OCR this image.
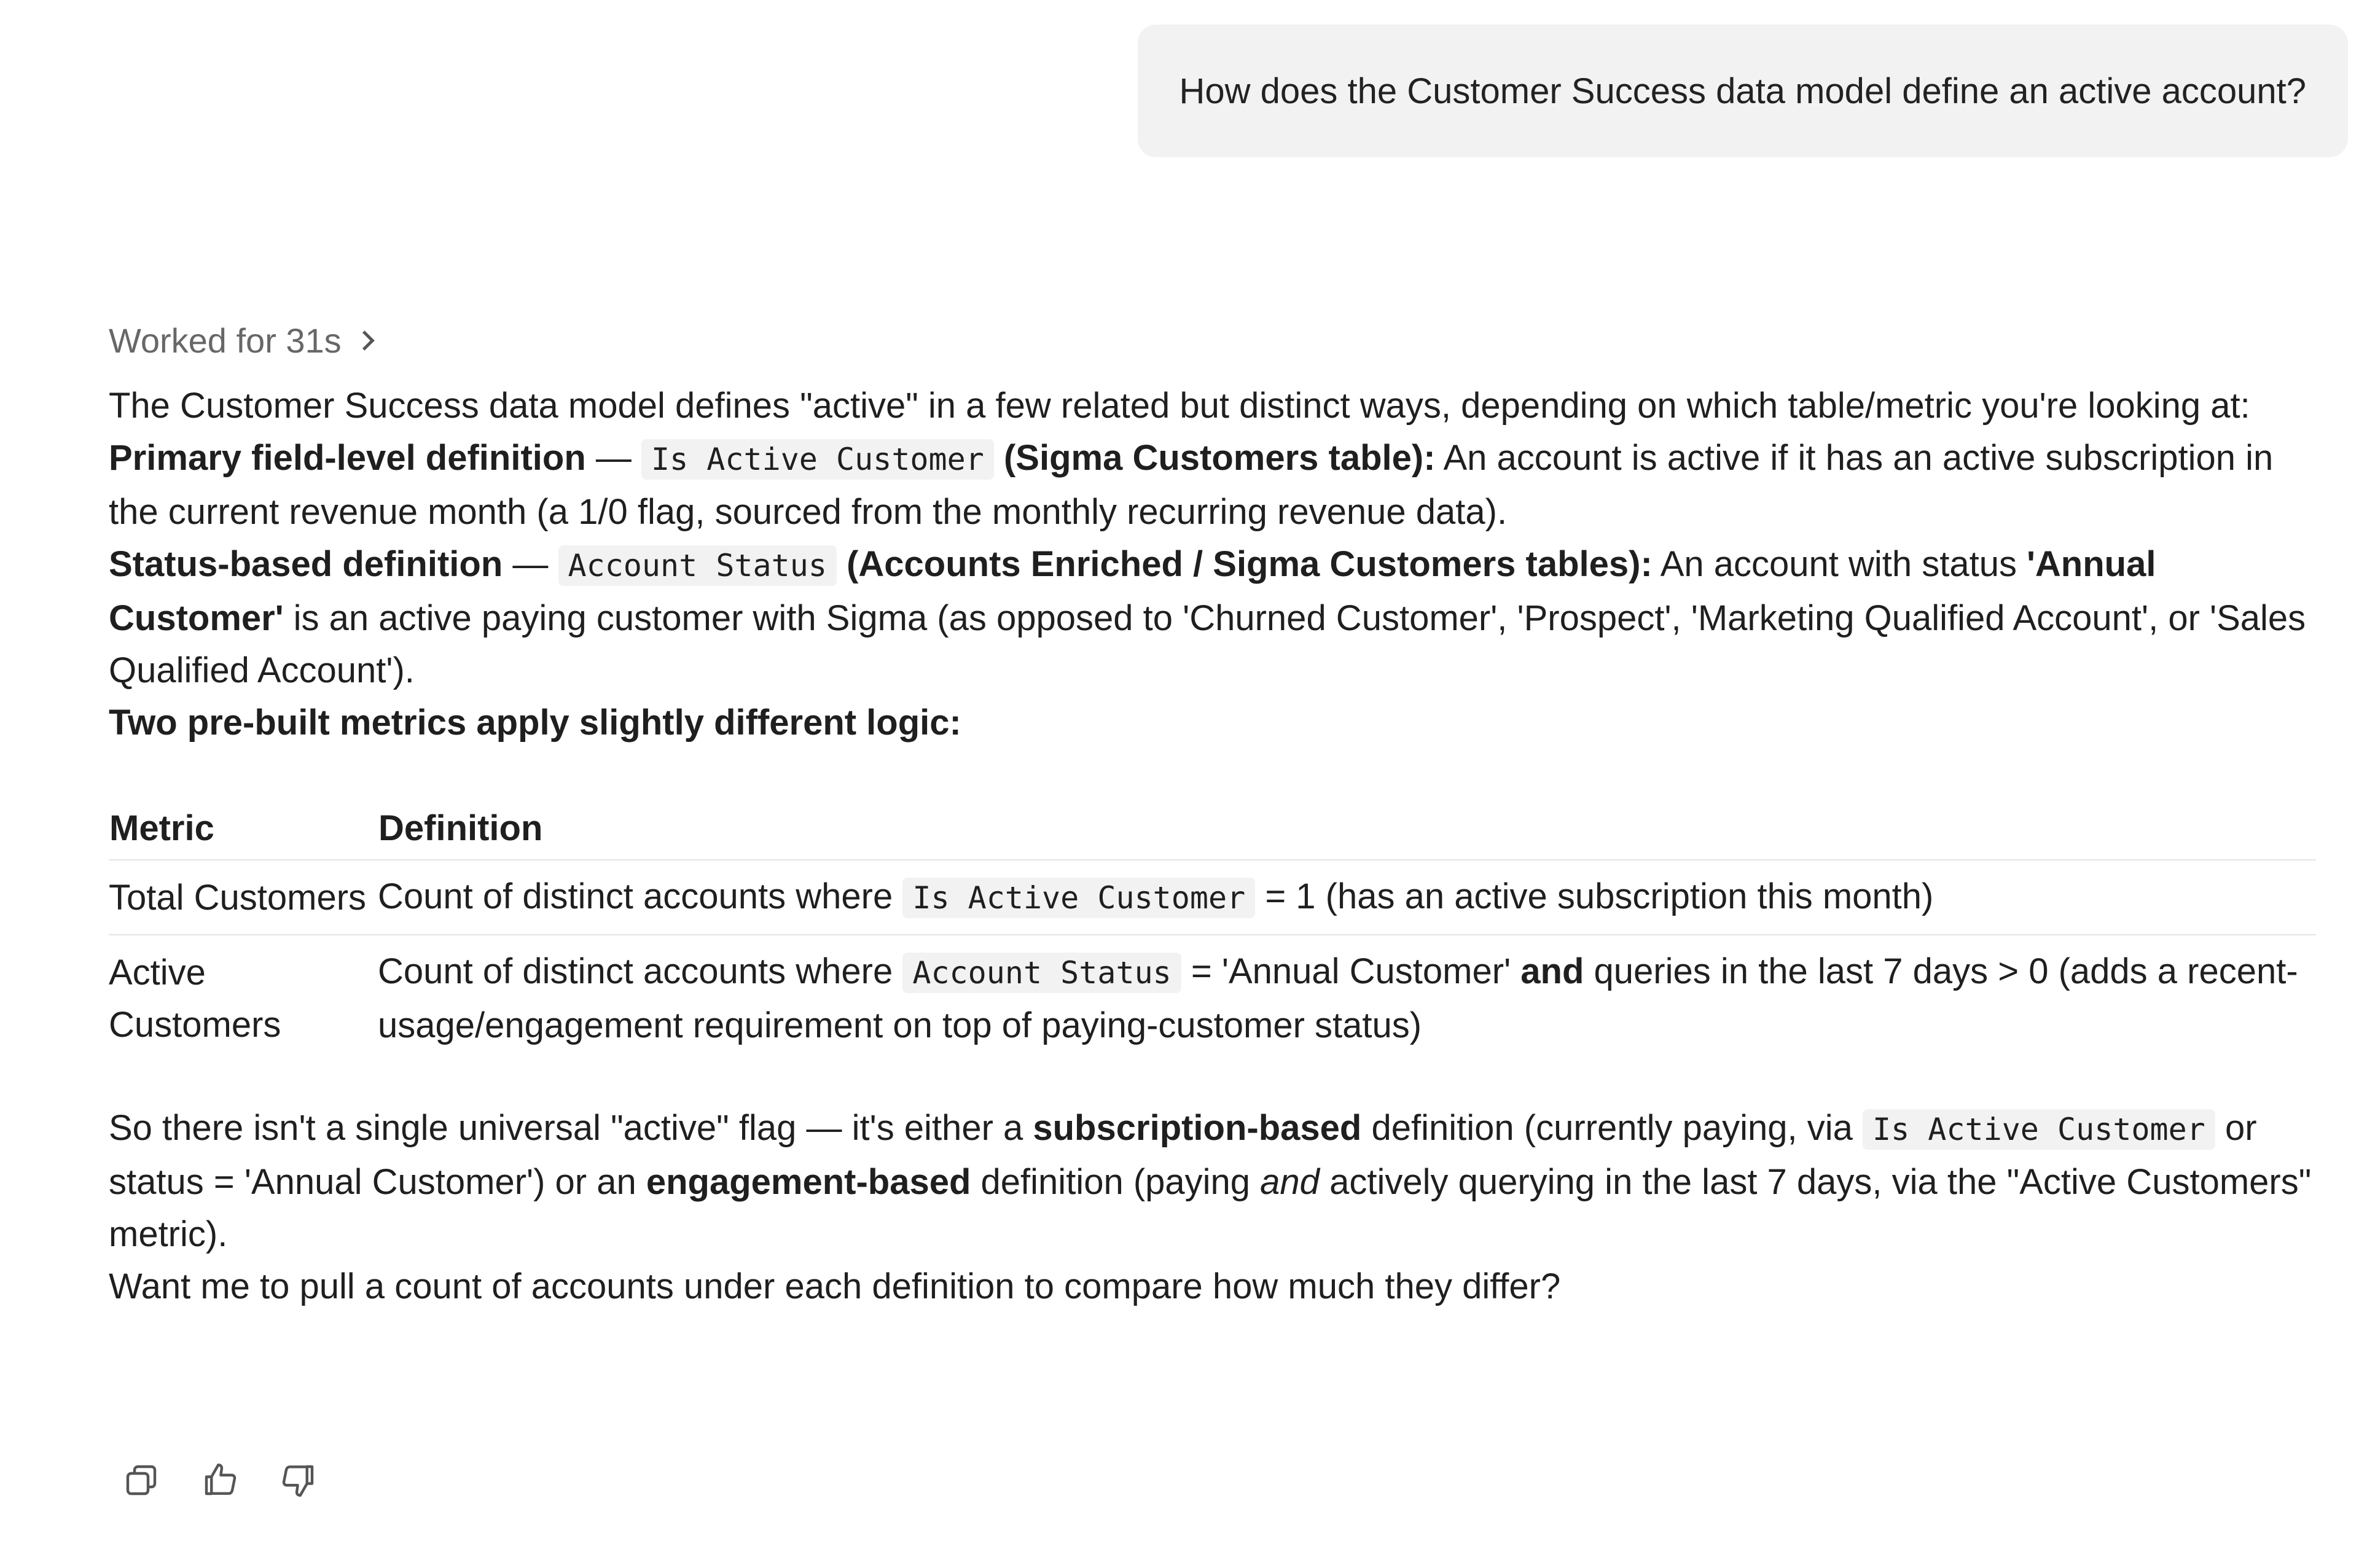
How does the Customer Success data model define an active account?
Worked for 31s

The Customer Success data model defines "active" in a few related but distinct ways, depending on which table/metric you're looking at:

Primary field-level definition — Is Active Customer (Sigma Customers table): An account is active if it has an active subscription in the current revenue month (a 1/0 flag, sourced from the monthly recurring revenue data).

Status-based definition — Account Status (Accounts Enriched / Sigma Customers tables): An account with status 'Annual Customer' is an active paying customer with Sigma (as opposed to 'Churned Customer', 'Prospect', 'Marketing Qualified Account', or 'Sales Qualified Account').

Two pre-built metrics apply slightly different logic:

Metric	Definition
Total Customers	Count of distinct accounts where Is Active Customer = 1 (has an active subscription this month)
Active Customers	Count of distinct accounts where Account Status = 'Annual Customer' and queries in the last 7 days > 0 (adds a recent-usage/engagement requirement on top of paying-customer status)

So there isn't a single universal "active" flag — it's either a subscription-based definition (currently paying, via Is Active Customer or status = 'Annual Customer') or an engagement-based definition (paying and actively querying in the last 7 days, via the "Active Customers" metric).

Want me to pull a count of accounts under each definition to compare how much they differ?
